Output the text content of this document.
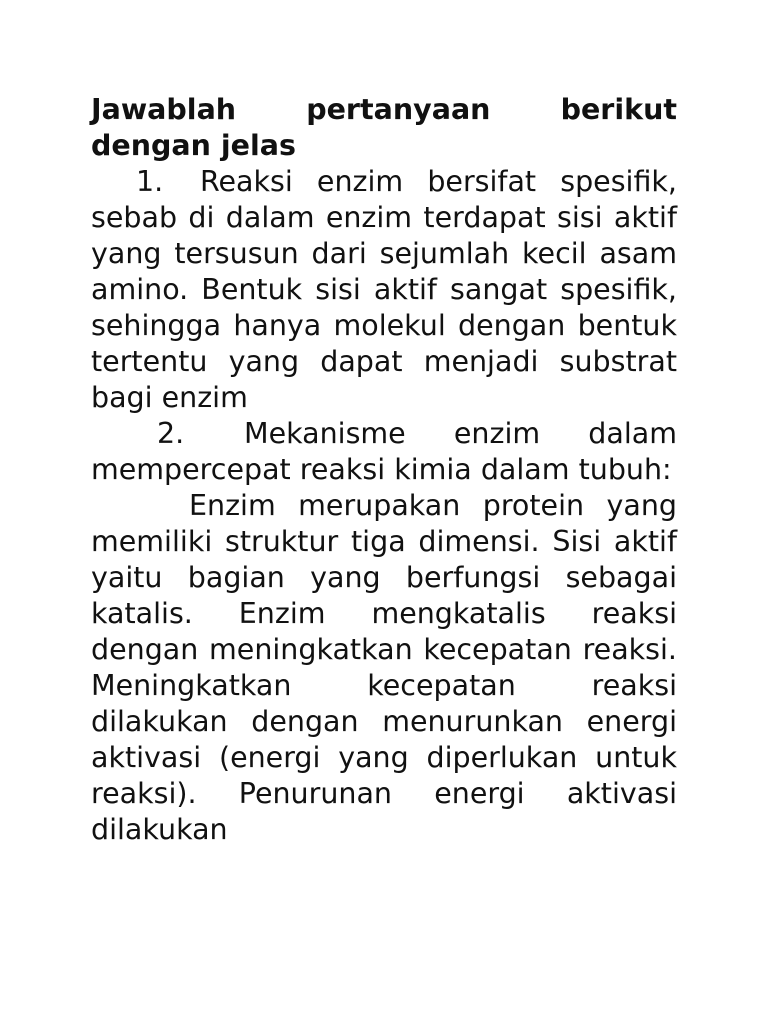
Jawablah pertanyaan berikut dengan jelas

1. Reaksi enzim bersifat spesifik, sebab di dalam enzim terdapat sisi aktif yang tersusun dari sejumlah kecil asam amino. Bentuk sisi aktif sangat spesifik, sehingga hanya molekul dengan bentuk tertentu yang dapat menjadi substrat bagi enzim

2. Mekanisme enzim dalam mempercepat reaksi kimia dalam tubuh:

Enzim merupakan protein yang memiliki struktur tiga dimensi. Sisi aktif yaitu bagian yang berfungsi sebagai katalis. Enzim mengkatalis reaksi dengan meningkatkan kecepatan reaksi. Meningkatkan kecepatan reaksi dilakukan dengan menurunkan energi aktivasi (energi yang diperlukan untuk reaksi). Penurunan energi aktivasi dilakukan
